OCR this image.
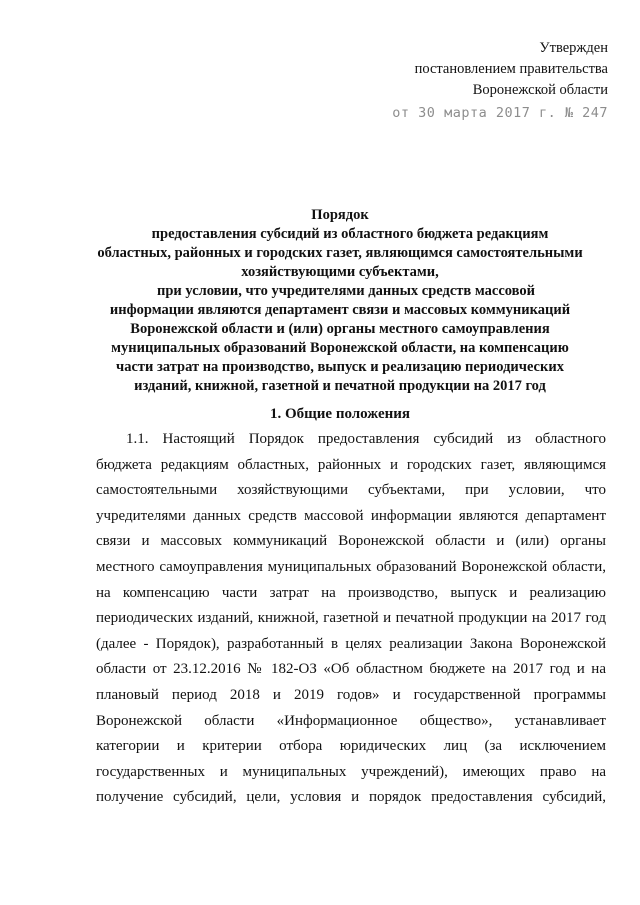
Утвержден
постановлением правительства
Воронежской области
от 30 марта 2017 г. № 247
Порядок
предоставления субсидий из областного бюджета редакциям
областных, районных и городских газет, являющимся самостоятельными
хозяйствующими субъектами,
при условии, что учредителями данных средств массовой
информации являются департамент связи и массовых коммуникаций
Воронежской области и (или) органы местного самоуправления
муниципальных образований Воронежской области, на компенсацию
части затрат на производство, выпуск и реализацию периодических
изданий, книжной, газетной и печатной продукции на 2017 год
1. Общие положения
1.1. Настоящий Порядок предоставления субсидий из областного
бюджета редакциям областных, районных и городских газет, являющимся
самостоятельными хозяйствующими субъектами, при условии, что
учредителями данных средств массовой информации являются департамент
связи и массовых коммуникаций Воронежской области и (или) органы
местного самоуправления муниципальных образований Воронежской области,
на компенсацию части затрат на производство, выпуск и реализацию
периодических изданий, книжной, газетной и печатной продукции на 2017 год
(далее - Порядок), разработанный в целях реализации Закона Воронежской
области от 23.12.2016 № 182-ОЗ «Об областном бюджете на 2017 год и на
плановый период 2018 и 2019 годов» и государственной программы
Воронежской области «Информационное общество», устанавливает
категории и критерии отбора юридических лиц (за исключением
государственных и муниципальных учреждений), имеющих право на
получение субсидий, цели, условия и порядок предоставления субсидий,
